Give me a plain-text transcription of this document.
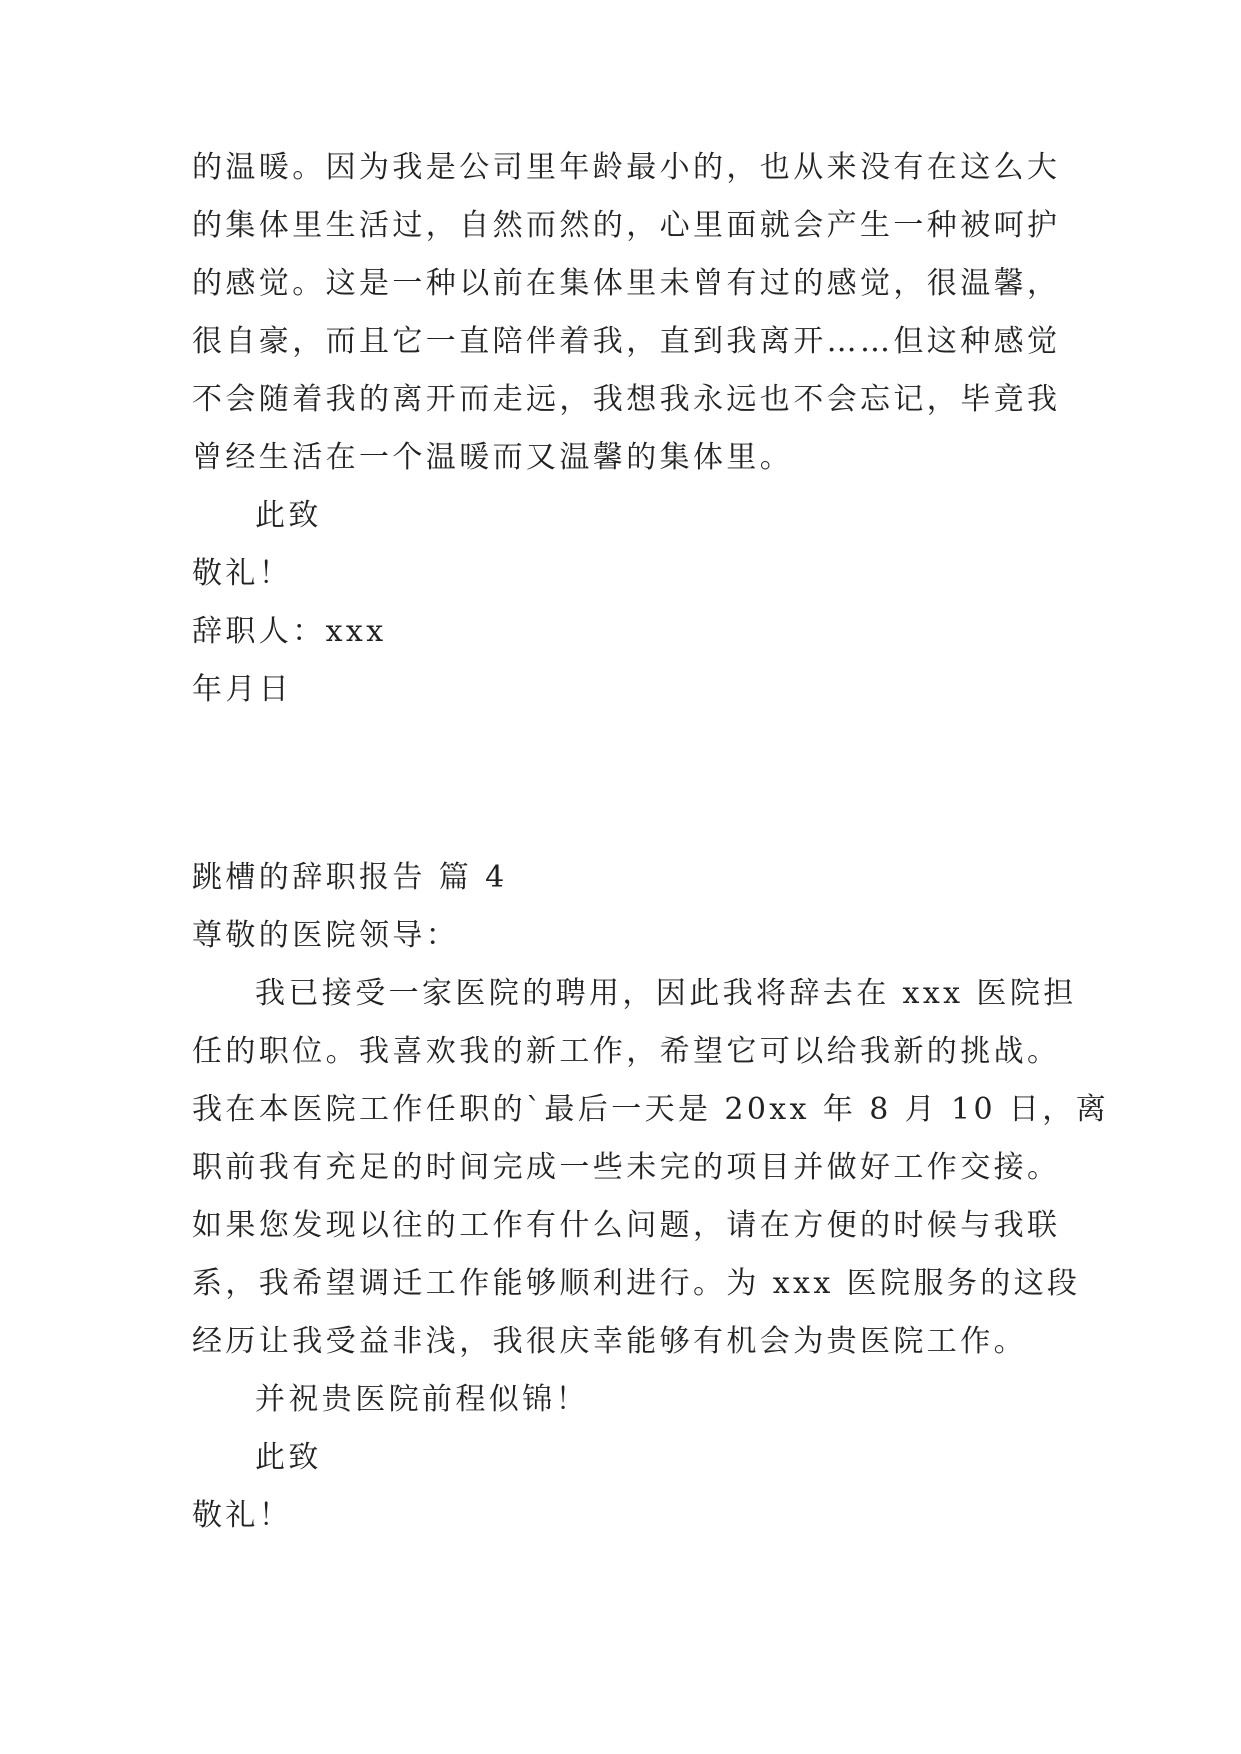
的温暖。因为我是公司里年龄最小的，也从来没有在这么大
的集体里生活过，自然而然的，心里面就会产生一种被呵护
的感觉。这是一种以前在集体里未曾有过的感觉，很温馨，
很自豪，而且它一直陪伴着我，直到我离开……但这种感觉
不会随着我的离开而走远，我想我永远也不会忘记，毕竟我
曾经生活在一个温暖而又温馨的集体里。
此致
敬礼！
辞职人：xxx
年月日
跳槽的辞职报告 篇 4
尊敬的医院领导：
我已接受一家医院的聘用，因此我将辞去在 xxx 医院担
任的职位。我喜欢我的新工作，希望它可以给我新的挑战。
我在本医院工作任职的`最后一天是 20xx 年 8 月 10 日，离
职前我有充足的时间完成一些未完的项目并做好工作交接。
如果您发现以往的工作有什么问题，请在方便的时候与我联
系，我希望调迁工作能够顺利进行。为 xxx 医院服务的这段
经历让我受益非浅，我很庆幸能够有机会为贵医院工作。
并祝贵医院前程似锦！
此致
敬礼！
